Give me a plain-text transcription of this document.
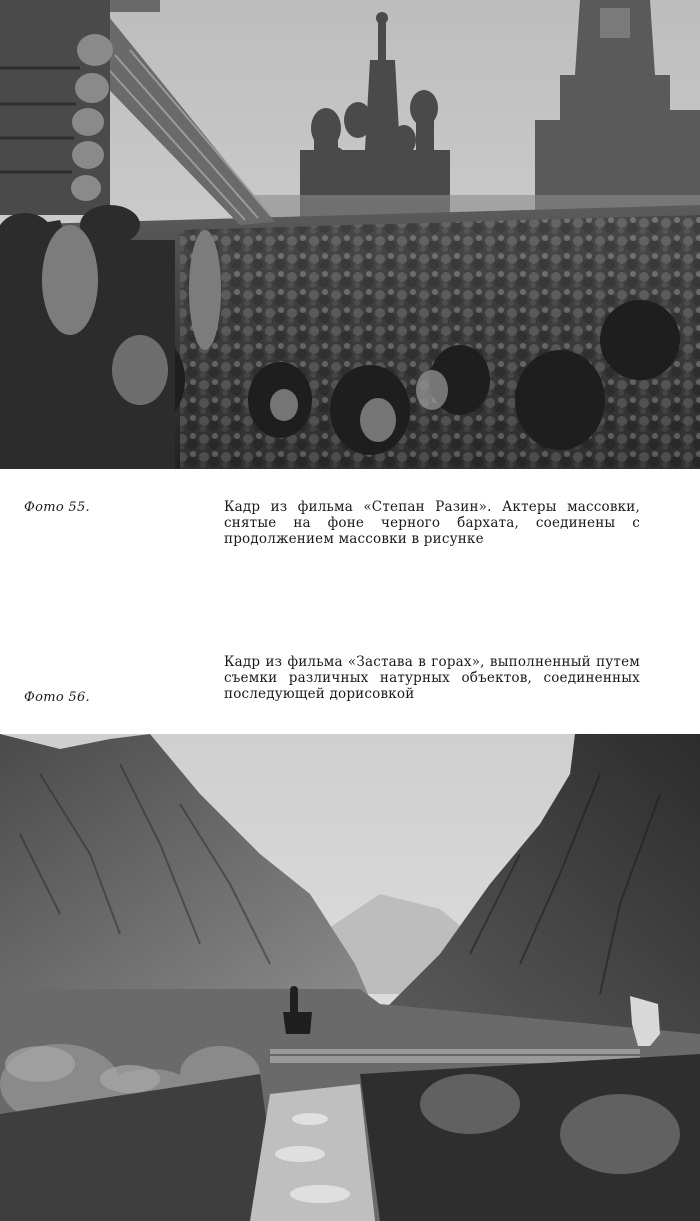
Фото 55.	Кадр из фильма «Степан Разин». Актеры массовки, снятые на фоне черного бархата, соединены с продолжением массовки в рисунке
Кадр из фильма «Застава в горах», выполненный путем съемки различных натурных объектов, соединенных последующей дорисовкой
Фото 56.
